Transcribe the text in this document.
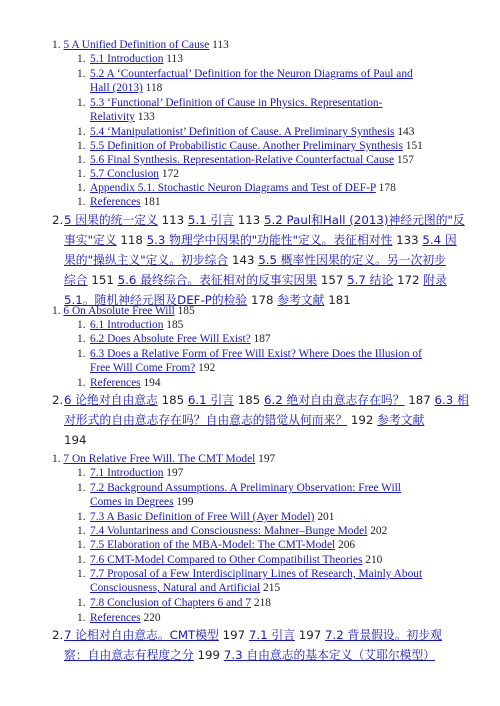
1. 5 A Unified Definition of Cause 113
1. 5.1 Introduction 113
1. 5.2 A ‘Counterfactual’ Definition for the Neuron Diagrams of Paul and
Hall (2013) 118
1. 5.3 ‘Functional’ Definition of Cause in Physics. Representation-
Relativity 133
1. 5.4 ‘Manipulationist’ Definition of Cause. A Preliminary Synthesis 143
1. 5.5 Definition of Probabilistic Cause. Another Preliminary Synthesis 151
1. 5.6 Final Synthesis. Representation-Relative Counterfactual Cause 157
1. 5.7 Conclusion 172
1. Appendix 5.1. Stochastic Neuron Diagrams and Test of DEF-P 178
1. References 181
2. 5 因果的统一定义 113 5.1 引言 113 5.2 Paul和Hall (2013)神经元图的"反
事实"定义 118 5.3 物理学中因果的"功能性"定义。表征相对性 133 5.4 因
果的"操纵主义"定义。初步综合 143 5.5 概率性因果的定义。另一次初步
综合 151 5.6 最终综合。表征相对的反事实因果 157 5.7 结论 172 附录
5.1。随机神经元图及DEF-P的检验 178 参考文献 181
1. 6 On Absolute Free Will 185
1. 6.1 Introduction 185
1. 6.2 Does Absolute Free Will Exist? 187
1. 6.3 Does a Relative Form of Free Will Exist? Where Does the Illusion of
Free Will Come From? 192
1. References 194
2. 6 论绝对自由意志 185 6.1 引言 185 6.2 绝对自由意志存在吗？ 187 6.3 相
对形式的自由意志存在吗？自由意志的错觉从何而来？ 192 参考文献
194
1. 7 On Relative Free Will. The CMT Model 197
1. 7.1 Introduction 197
1. 7.2 Background Assumptions. A Preliminary Observation: Free Will
Comes in Degrees 199
1. 7.3 A Basic Definition of Free Will (Ayer Model) 201
1. 7.4 Voluntariness and Consciousness: Mahner–Bunge Model 202
1. 7.5 Elaboration of the MBA-Model: The CMT-Model 206
1. 7.6 CMT-Model Compared to Other Compatibilist Theories 210
1. 7.7 Proposal of a Few Interdisciplinary Lines of Research, Mainly About
Consciousness, Natural and Artificial 215
1. 7.8 Conclusion of Chapters 6 and 7 218
1. References 220
2. 7 论相对自由意志。CMT模型 197 7.1 引言 197 7.2 背景假设。初步观
察：自由意志有程度之分 199 7.3 自由意志的基本定义（艾耶尔模型）
